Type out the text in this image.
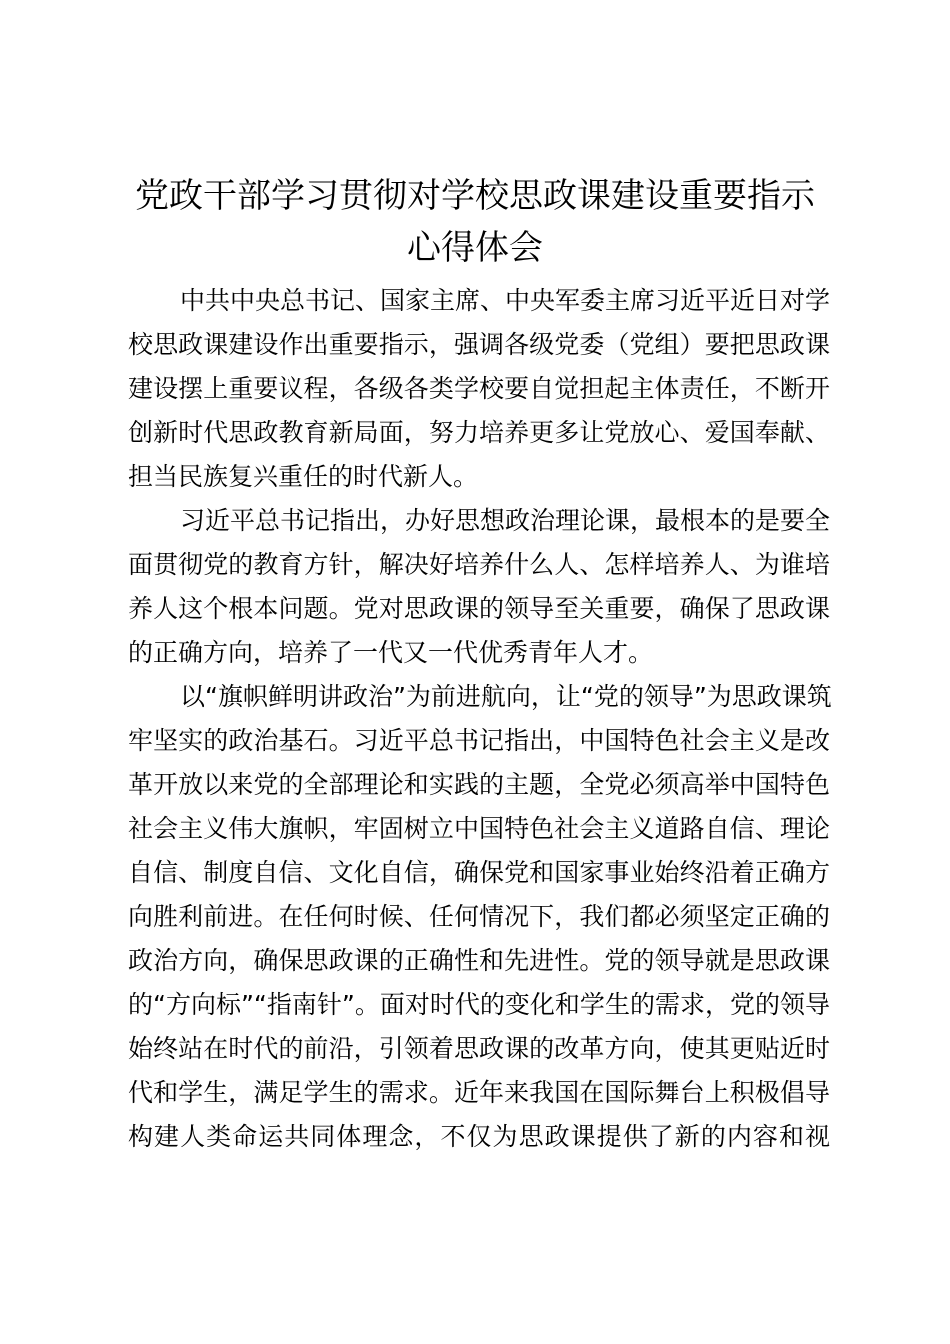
党政干部学习贯彻对学校思政课建设重要指示
心得体会
中共中央总书记、国家主席、中央军委主席习近平近日对学
校思政课建设作出重要指示，强调各级党委（党组）要把思政课
建设摆上重要议程，各级各类学校要自觉担起主体责任，不断开
创新时代思政教育新局面，努力培养更多让党放心、爱国奉献、
担当民族复兴重任的时代新人。
习近平总书记指出，办好思想政治理论课，最根本的是要全
面贯彻党的教育方针，解决好培养什么人、怎样培养人、为谁培
养人这个根本问题。党对思政课的领导至关重要，确保了思政课
的正确方向，培养了一代又一代优秀青年人才。
以“旗帜鲜明讲政治”为前进航向，让“党的领导”为思政课筑
牢坚实的政治基石。习近平总书记指出，中国特色社会主义是改
革开放以来党的全部理论和实践的主题，全党必须高举中国特色
社会主义伟大旗帜，牢固树立中国特色社会主义道路自信、理论
自信、制度自信、文化自信，确保党和国家事业始终沿着正确方
向胜利前进。在任何时候、任何情况下，我们都必须坚定正确的
政治方向，确保思政课的正确性和先进性。党的领导就是思政课
的“方向标”“指南针”。面对时代的变化和学生的需求，党的领导
始终站在时代的前沿，引领着思政课的改革方向，使其更贴近时
代和学生，满足学生的需求。近年来我国在国际舞台上积极倡导
构建人类命运共同体理念，不仅为思政课提供了新的内容和视
